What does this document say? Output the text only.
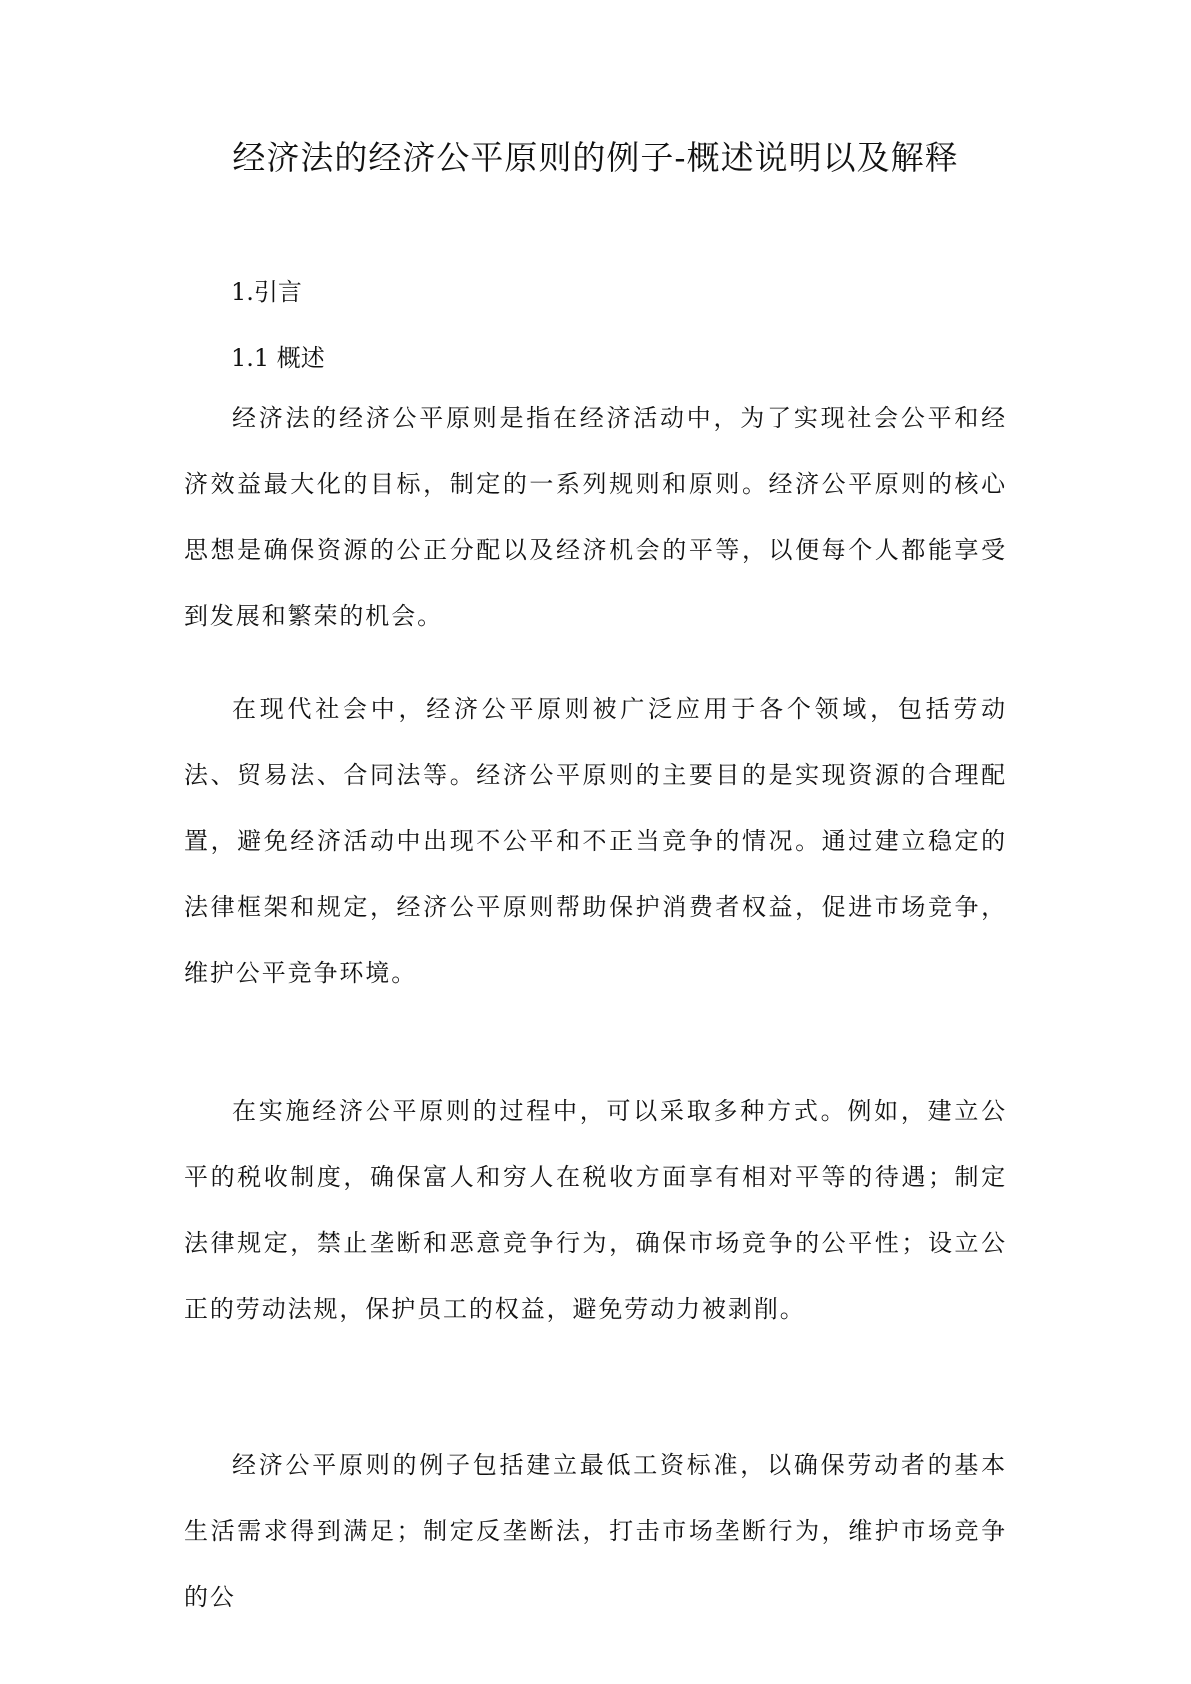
经济法的经济公平原则的例子-概述说明以及解释
1.引言
1.1 概述

经济法的经济公平原则是指在经济活动中，为了实现社会公平和经济效益最大化的目标，制定的一系列规则和原则。经济公平原则的核心思想是确保资源的公正分配以及经济机会的平等，以便每个人都能享受到发展和繁荣的机会。

在现代社会中，经济公平原则被广泛应用于各个领域，包括劳动法、贸易法、合同法等。经济公平原则的主要目的是实现资源的合理配置，避免经济活动中出现不公平和不正当竞争的情况。通过建立稳定的法律框架和规定，经济公平原则帮助保护消费者权益，促进市场竞争，维护公平竞争环境。

在实施经济公平原则的过程中，可以采取多种方式。例如，建立公平的税收制度，确保富人和穷人在税收方面享有相对平等的待遇；制定法律规定，禁止垄断和恶意竞争行为，确保市场竞争的公平性；设立公正的劳动法规，保护员工的权益，避免劳动力被剥削。

经济公平原则的例子包括建立最低工资标准，以确保劳动者的基本生活需求得到满足；制定反垄断法，打击市场垄断行为，维护市场竞争的公
